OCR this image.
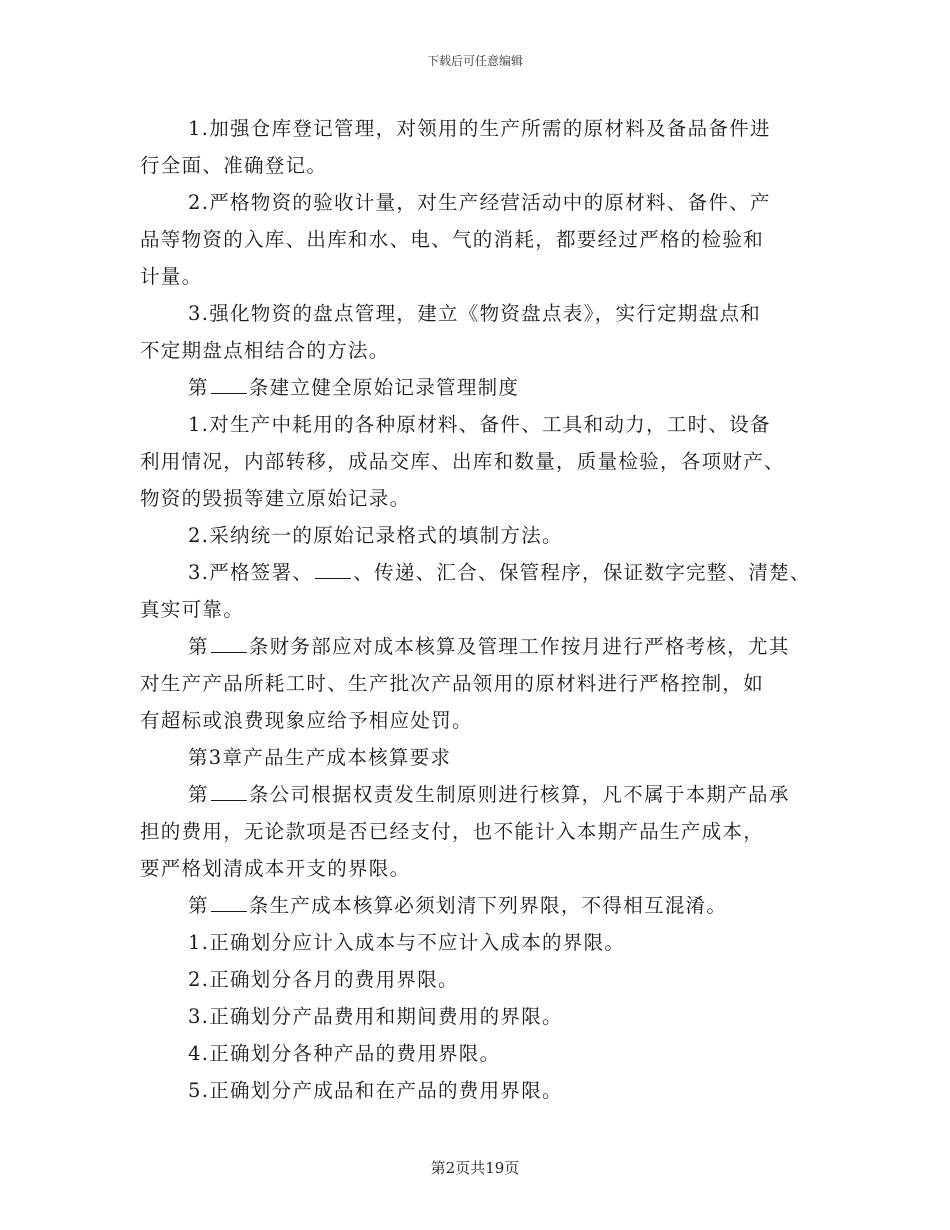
下载后可任意编辑
1.加强仓库登记管理，对领用的生产所需的原材料及备品备件进
行全面、准确登记。
2.严格物资的验收计量，对生产经营活动中的原材料、备件、产
品等物资的入库、出库和水、电、气的消耗，都要经过严格的检验和
计量。
3.强化物资的盘点管理，建立《物资盘点表》，实行定期盘点和
不定期盘点相结合的方法。
第 条建立健全原始记录管理制度
1.对生产中耗用的各种原材料、备件、工具和动力，工时、设备
利用情况，内部转移，成品交库、出库和数量，质量检验，各项财产、
物资的毁损等建立原始记录。
2.采纳统一的原始记录格式的填制方法。
3.严格签署、 、传递、汇合、保管程序，保证数字完整、清楚、
真实可靠。
第 条财务部应对成本核算及管理工作按月进行严格考核，尤其
对生产产品所耗工时、生产批次产品领用的原材料进行严格控制，如
有超标或浪费现象应给予相应处罚。
第3章产品生产成本核算要求
第 条公司根据权责发生制原则进行核算，凡不属于本期产品承
担的费用，无论款项是否已经支付，也不能计入本期产品生产成本，
要严格划清成本开支的界限。
第 条生产成本核算必须划清下列界限，不得相互混淆。
1.正确划分应计入成本与不应计入成本的界限。
2.正确划分各月的费用界限。
3.正确划分产品费用和期间费用的界限。
4.正确划分各种产品的费用界限。
5.正确划分产成品和在产品的费用界限。
第2页共19页
